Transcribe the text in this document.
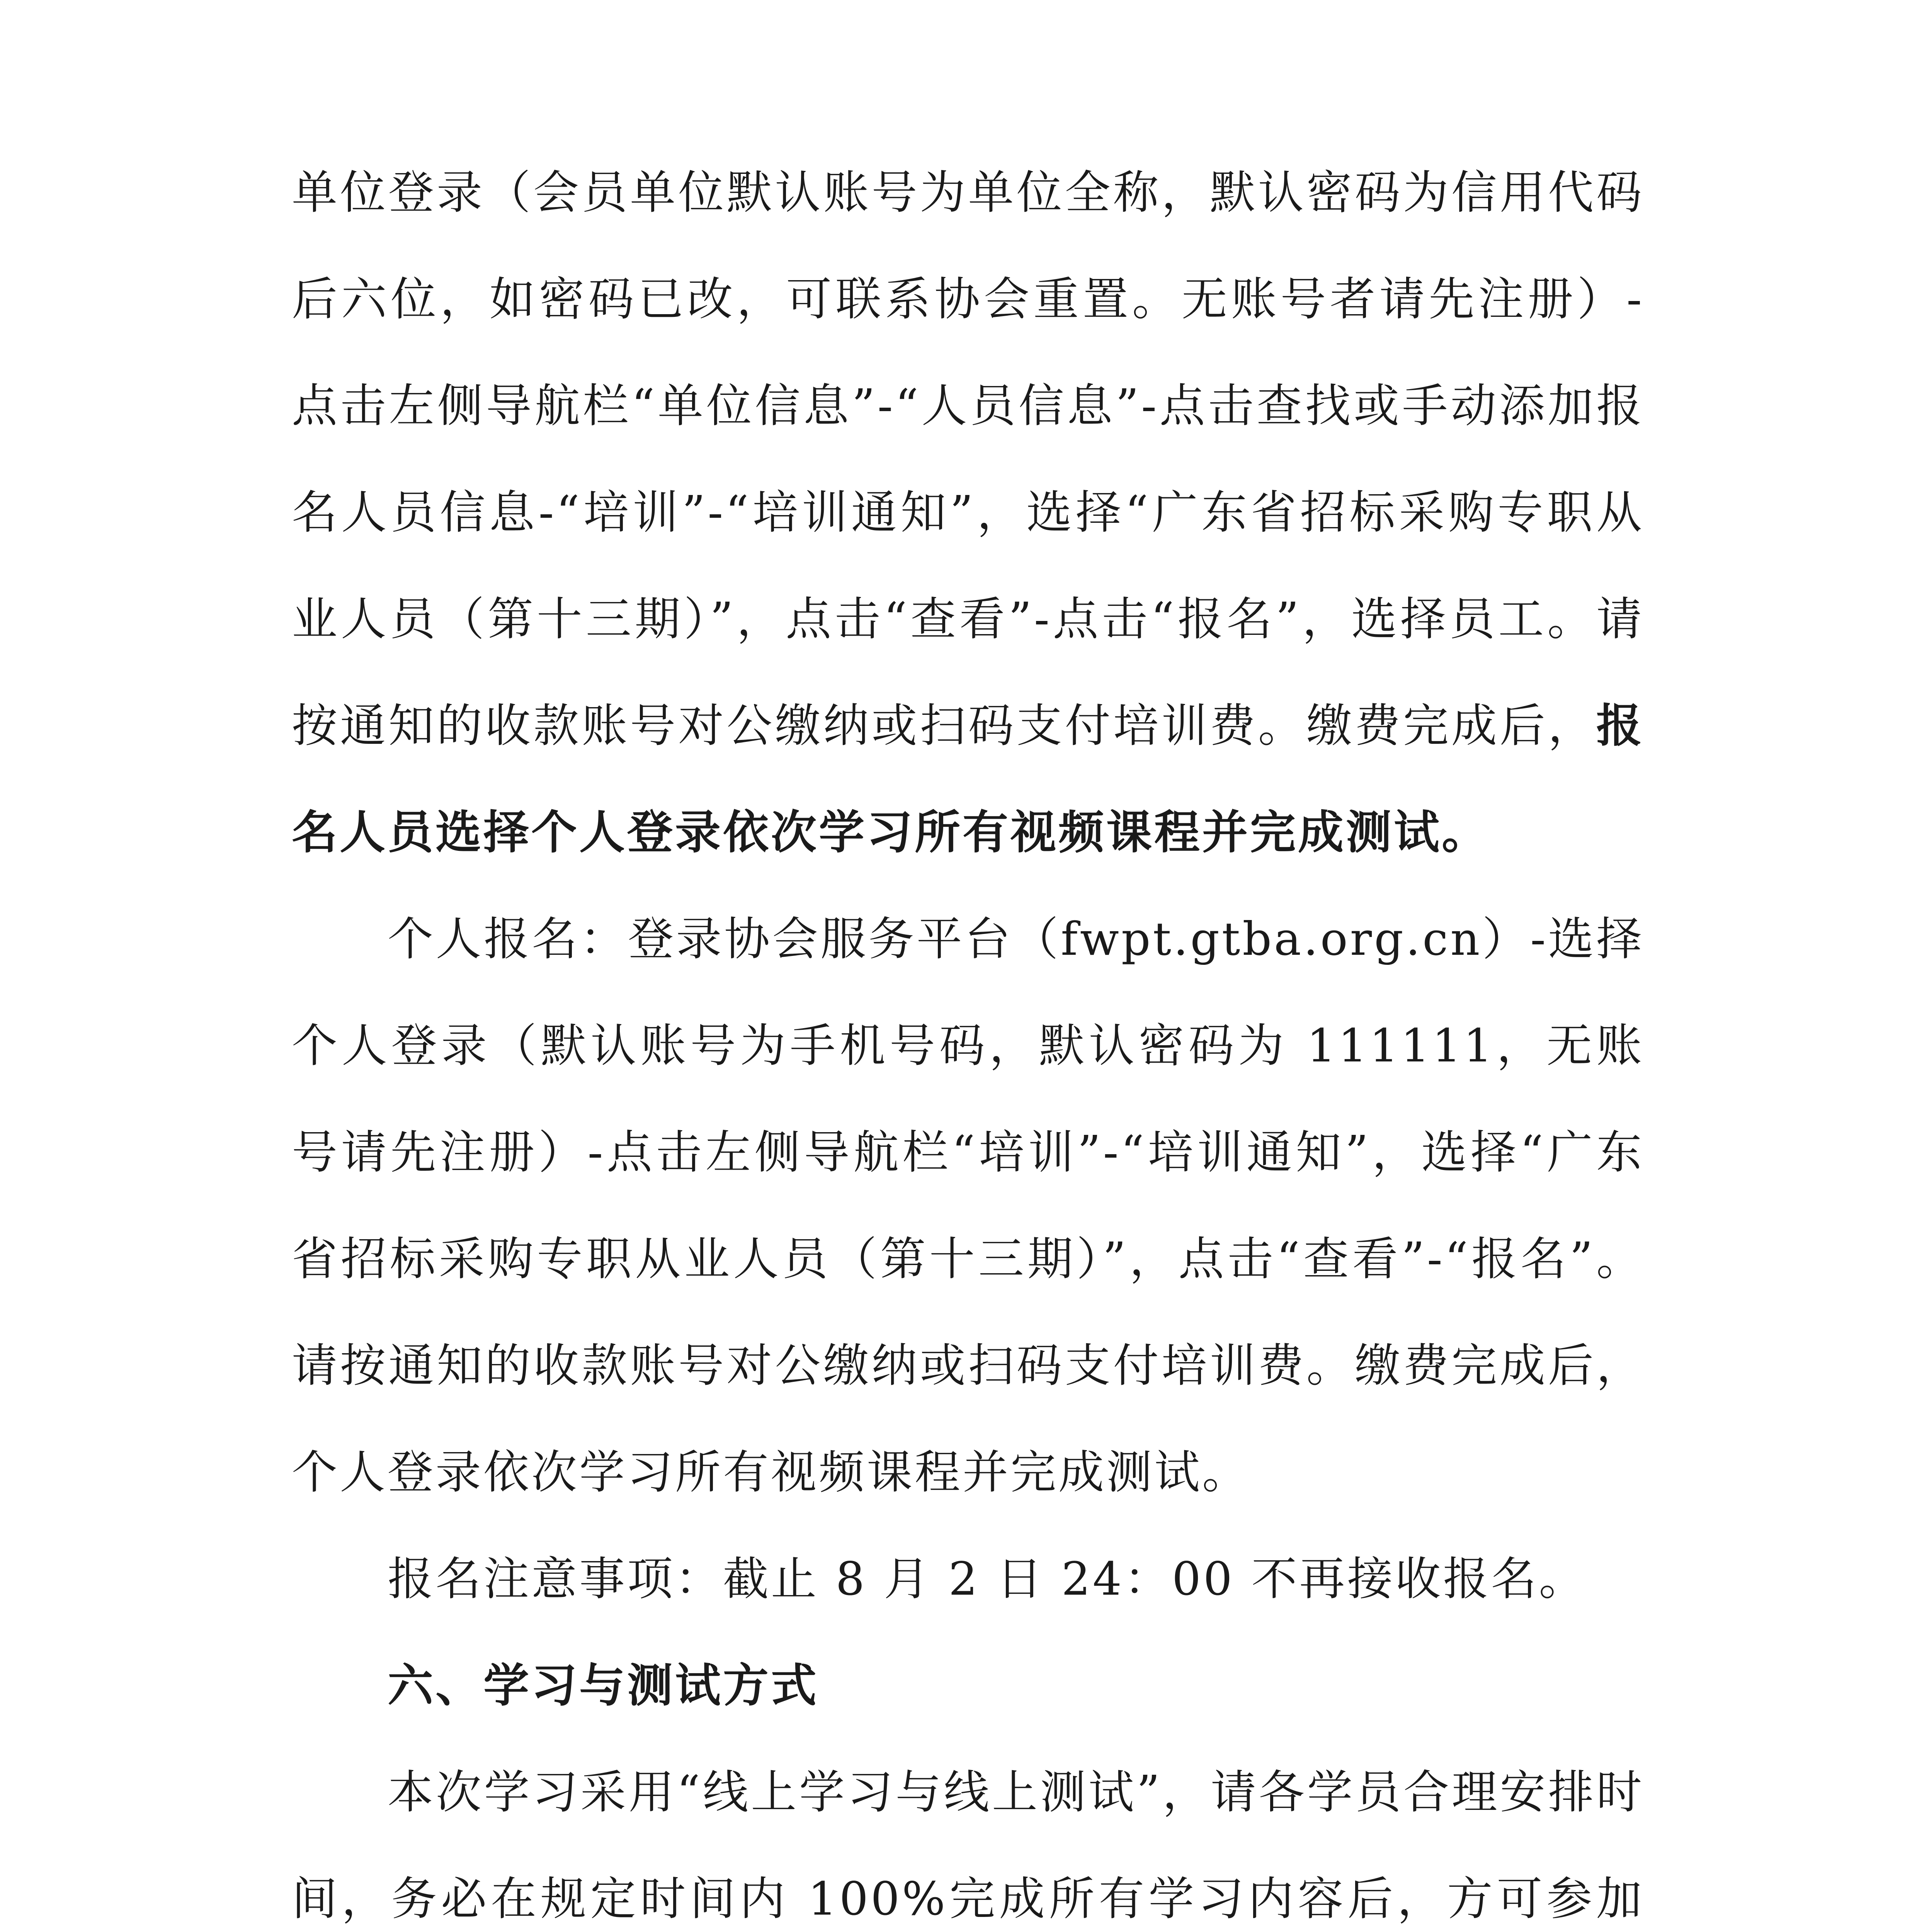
单位登录（会员单位默认账号为单位全称，默认密码为信用代码后六位，如密码已改，可联系协会重置。无账号者请先注册）-点击左侧导航栏“单位信息”-“人员信息”-点击查找或手动添加报名人员信息-“培训”-“培训通知”，选择“广东省招标采购专职从业人员（第十三期）”，点击“查看”-点击“报名”，选择员工。请按通知的收款账号对公缴纳或扫码支付培训费。缴费完成后，报名人员选择个人登录依次学习所有视频课程并完成测试。

个人报名：登录协会服务平台（fwpt.gtba.org.cn）-选择个人登录（默认账号为手机号码，默认密码为 111111，无账号请先注册）-点击左侧导航栏“培训”-“培训通知”，选择“广东省招标采购专职从业人员（第十三期）”，点击“查看”-“报名”。请按通知的收款账号对公缴纳或扫码支付培训费。缴费完成后，个人登录依次学习所有视频课程并完成测试。

报名注意事项：截止 8 月 2 日 24：00 不再接收报名。

六、学习与测试方式

本次学习采用“线上学习与线上测试”，请各学员合理安排时间，务必在规定时间内 100%完成所有学习内容后，方可参加
